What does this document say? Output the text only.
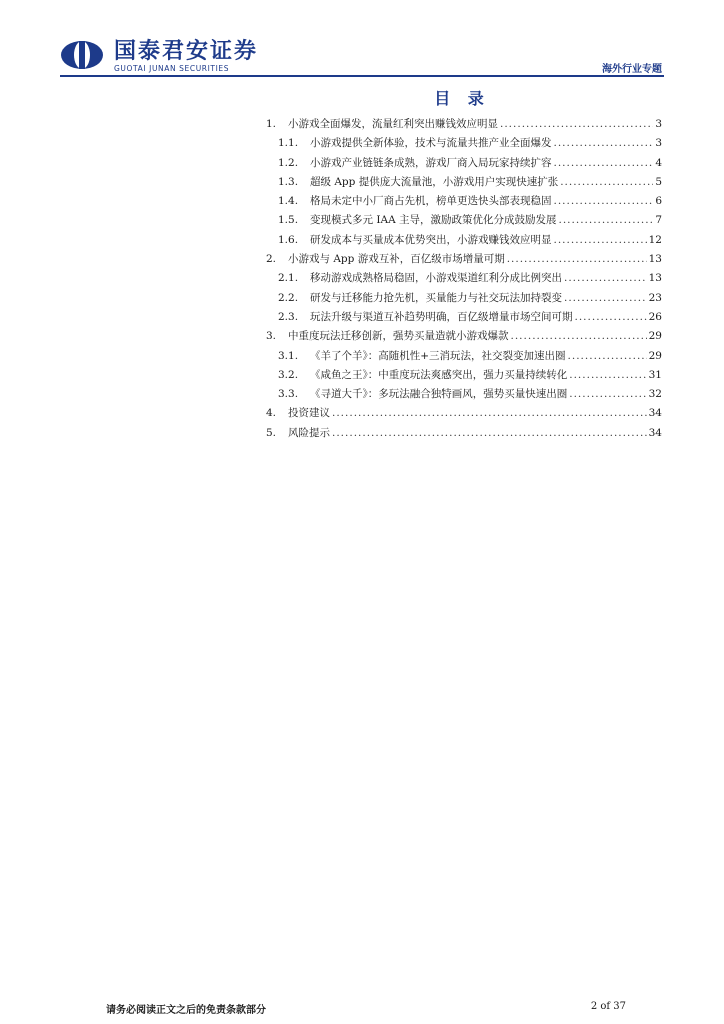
国泰君安证券
GUOTAI JUNAN SECURITIES	海外行业专题
目 录
1.	小游戏全面爆发，流量红利突出赚钱效应明显 .....	3
1.1.	小游戏提供全新体验，技术与流量共推产业全面爆发 .....	3
1.2.	小游戏产业链链条成熟，游戏厂商入局玩家持续扩容 .....	4
1.3.	超级 App 提供庞大流量池，小游戏用户实现快速扩张 .....	5
1.4.	格局未定中小厂商占先机，榜单更迭快头部表现稳固 .....	6
1.5.	变现模式多元 IAA 主导，激励政策优化分成鼓励发展 .....	7
1.6.	研发成本与买量成本优势突出，小游戏赚钱效应明显 .....	12
2.	小游戏与 App 游戏互补，百亿级市场增量可期 .....	13
2.1.	移动游戏成熟格局稳固，小游戏渠道红利分成比例突出 .....	13
2.2.	研发与迁移能力抢先机，买量能力与社交玩法加持裂变 .....	23
2.3.	玩法升级与渠道互补趋势明确，百亿级增量市场空间可期 .....	26
3.	中重度玩法迁移创新，强势买量造就小游戏爆款 .....	29
3.1.	《羊了个羊》：高随机性+三消玩法，社交裂变加速出圈 .....	29
3.2.	《咸鱼之王》：中重度玩法爽感突出，强力买量持续转化 .....	31
3.3.	《寻道大千》：多玩法融合独特画风，强势买量快速出圈 .....	32
4.	投资建议 .....	34
5.	风险提示 .....	34
请务必阅读正文之后的免责条款部分	2 of 37
